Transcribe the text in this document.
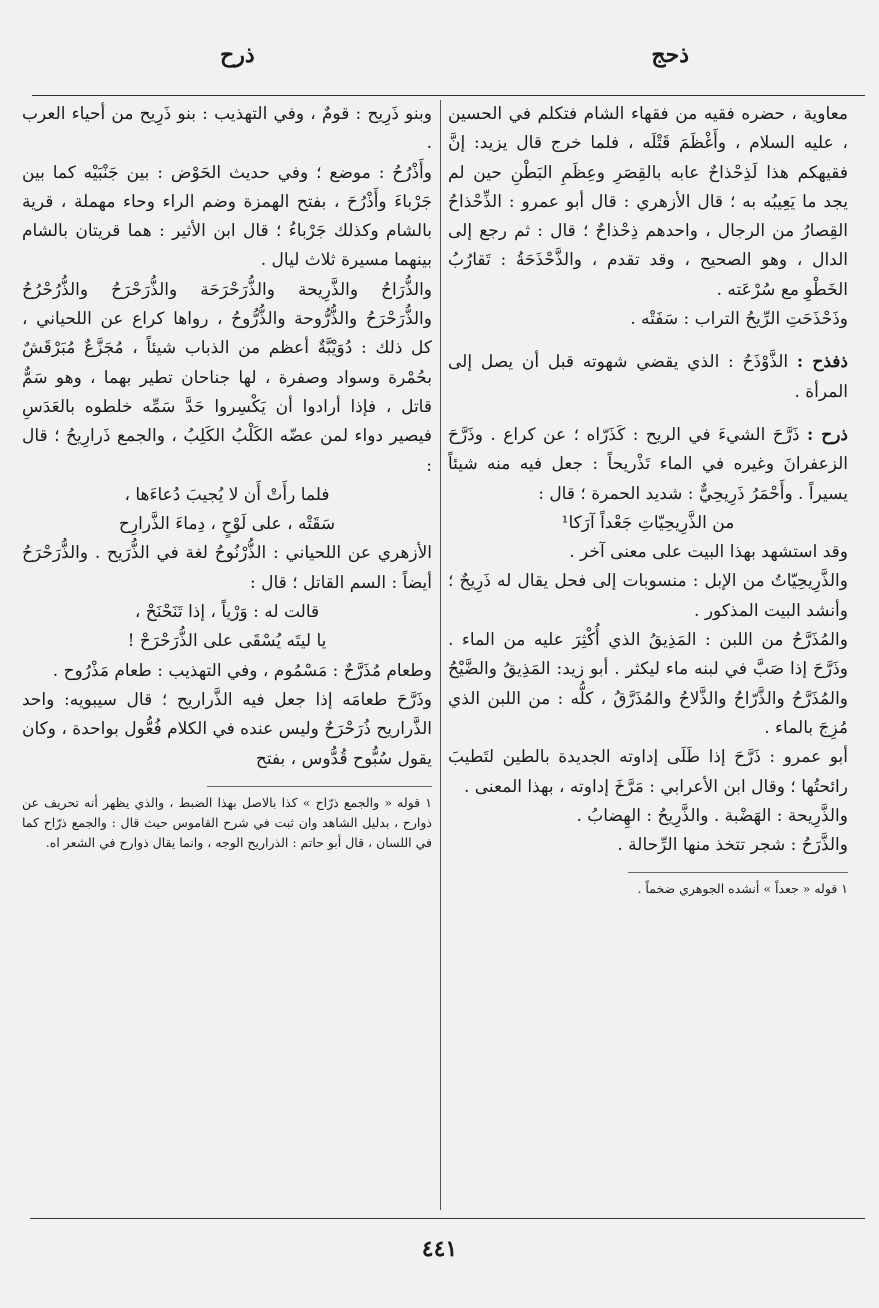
ذحج
ذرح

معاوية ، حضره فقيه من فقهاء الشام فتكلم في الحسين ، عليه السلام ، وأَغْظَمَ قَتْلَه ، فلما خرج قال يزيد: إنَّ فقيهكم هذا لَذِحْذاحٌ عابه بالقِصَرِ وعِظَمِ البَطْنِ حين لم يجد ما يَعِيبُه به ؛ قال الأزهري : قال أبو عمرو : الذِّحْذاحُ القِصارُ من الرجال ، واحدهم ذِحْذاحٌ ؛ قال : ثم رجع إلى الدال ، وهو الصحيح ، وقد تقدم ، والذَّحْذَحَةُ : تَقارُبُ الخَطْوِ مع سُرْعَته .

وذَحْذَحَتِ الرِّيحُ التراب : سَفَتْه .

ذفذح : الذَّوْذَحُ : الذي يقضي شهوته قبل أن يصل إلى المرأة .

ذرح : ذَرَّحَ الشيءَ في الريح : كَذَرّاه ؛ عن كراع . وذَرَّحَ الزعفرانَ وغيره في الماء تَذْريحاً : جعل فيه منه شيئاً يسيراً . وأَحْمَرُ ذَرِيحِيٌّ : شديد الحمرة ؛ قال :

من الذَّرِيحِيّاتِ جَعْداً آرَكا¹

وقد استشهد بهذا البيت على معنى آخر .

والذَّرِيحِيّاتُ من الإبل : منسوبات إلى فحل يقال له ذَرِيحٌ ؛ وأنشد البيت المذكور .

والمُذَرَّحُ من اللبن : المَذِيقُ الذي أُكْثِرَ عليه من الماء . وذَرَّحَ إذا صَبَّ في لبنه ماء ليكثر . أبو زيد: المَذِيقُ والضَّيْحُ والمُذَرَّحُ والذَّرّاحُ والذَّلاحُ والمُذَرَّقُ ، كلُّه : من اللبن الذي مُزِجَ بالماء .

أبو عمرو : ذَرَّحَ إذا طَلَى إداوته الجديدة بالطين لتَطيبَ رائحتُها ؛ وقال ابن الأعرابي : مَرَّخَ إداوته ، بهذا المعنى .

والذَّرِيحة : الهَضْبة . والذَّرِيحُ : الهِضابُ .

والذَّرَحُ : شجر تتخذ منها الرِّحالة .

١ قوله « جعداً » أنشده الجوهري ضخماً .

وبنو ذَرِيح : قومٌ ، وفي التهذيب : بنو ذَرِيح من أحياء العرب .

وأَذْرُحُ : موضع ؛ وفي حديث الحَوْض : بين جَنْبَيْه كما بين جَرْباءَ وأَذْرُحَ ، بفتح الهمزة وضم الراء وحاء مهملة ، قرية بالشام وكذلك جَرْباءُ ؛ قال ابن الأثير : هما قريتان بالشام بينهما مسيرة ثلاث ليال .

والذُّرَاحُ والذَّرِيحة والذُّرَحْرَحَة والذُّرَحْرَحُ والذُّرُحْرُحُ والذُّرَحْرَحُ والذُّرُّوحة والذُّرُّوحُ ، رواها كراع عن اللحياني ، كل ذلك : دُوَيْبَّةٌ أعظم من الذباب شيئاً ، مُجَزَّعٌ مُبَرْقَشٌ بحُمْرة وسواد وصفرة ، لها جناحان تطير بهما ، وهو سَمٌّ قاتل ، فإذا أرادوا أن يَكْسِروا حَدَّ سَمِّه خلطوه بالعَدَسِ فيصير دواء لمن عضّه الكَلْبُ الكَلِبُ ، والجمع ذَرارِيحُ ؛ قال :

فلما رأَتْ أَن لا يُجيبَ دُعاءَها ،

سَقَتْه ، على لَوْحٍ ، دِماءَ الذَّرارِح

الأزهري عن اللحياني : الذُّرْنُوحُ لغة في الذُّرَيح . والذُّرَحْرَحُ أيضاً : السم القاتل ؛ قال :

قالت له : وَرْياً ، إذا تَنَحْنَحْ ،

يا ليتَه يُسْقَى على الذُّرَحْرَحْ !

وطعام مُذَرَّحٌ : مَسْمُوم ، وفي التهذيب : طعام مَذْرُوح .

وذَرَّحَ طعامَه إذا جعل فيه الذَّراريح ؛ قال سيبويه: واحد الذَّراريح ذُرَحْرَحٌ وليس عنده في الكلام فُعُّول بواحدة ، وكان يقول سُبُّوح قُدُّوس ، بفتح

١ قوله « والجمع ذرّاح » كذا بالاصل بهذا الضبط ، والذي يظهر أنه تحريف عن ذوارح ، بدليل الشاهد وان ثبت في شرح القاموس حيث قال : والجمع ذرّاح كما في اللسان ، قال أبو حاتم : الذراريح الوجه ، وانما يقال ذوارح في الشعر اه.

٤٤١
